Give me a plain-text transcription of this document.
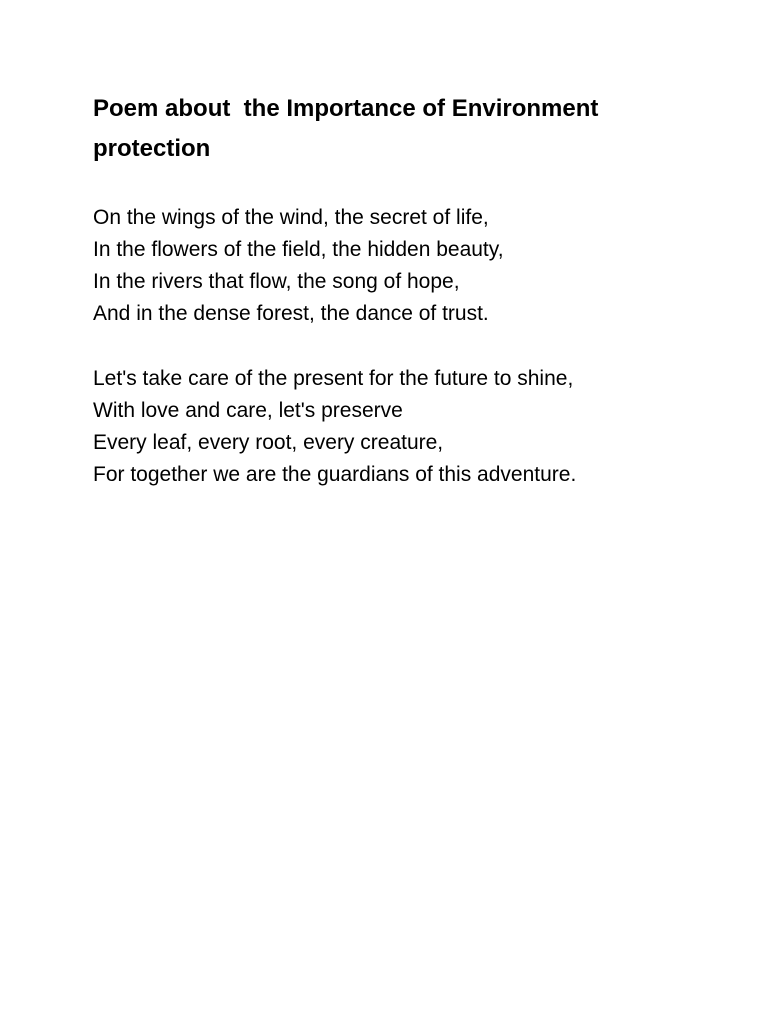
Poem about  the Importance of Environment protection
On the wings of the wind, the secret of life,
In the flowers of the field, the hidden beauty,
In the rivers that flow, the song of hope,
And in the dense forest, the dance of trust.
Let's take care of the present for the future to shine,
With love and care, let's preserve
Every leaf, every root, every creature,
For together we are the guardians of this adventure.
